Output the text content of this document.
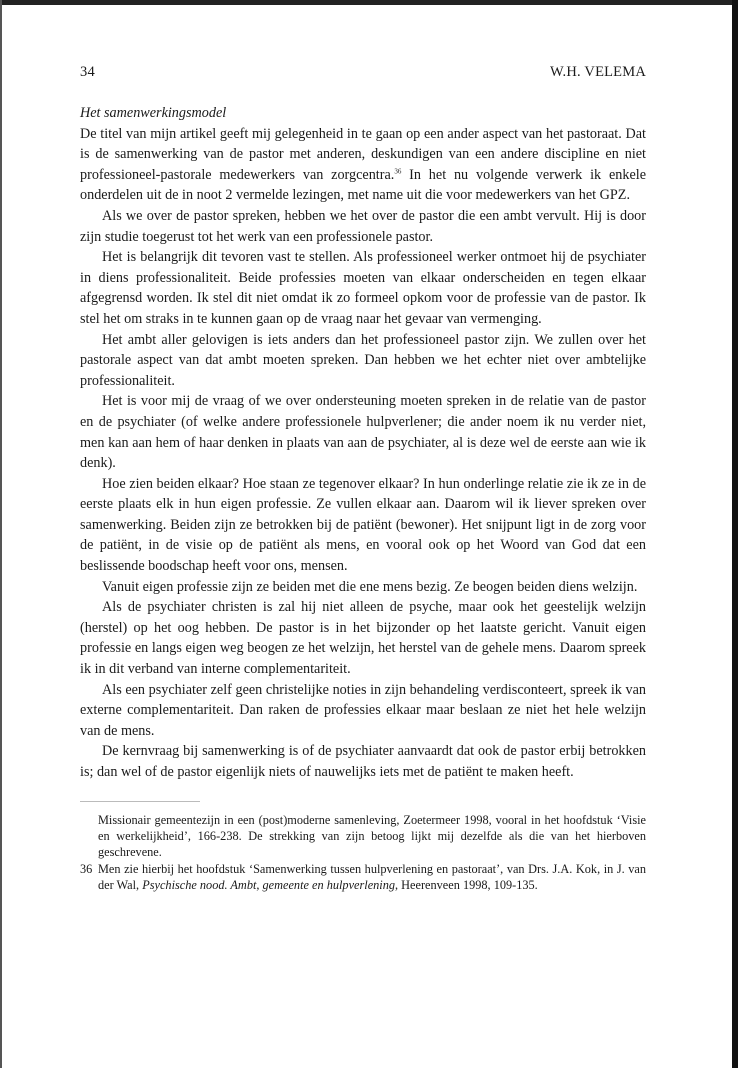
34	W.H. VELEMA

Het samenwerkingsmodel

De titel van mijn artikel geeft mij gelegenheid in te gaan op een ander aspect van het pastoraat. Dat is de samenwerking van de pastor met anderen, deskundigen van een andere discipline en niet professioneel-pastorale medewerkers van zorgcentra.$^{36}$ In het nu volgende verwerk ik enkele onderdelen uit de in noot 2 vermelde lezingen, met name uit die voor medewerkers van het GPZ.

Als we over de pastor spreken, hebben we het over de pastor die een ambt vervult. Hij is door zijn studie toegerust tot het werk van een professionele pastor.

Het is belangrijk dit tevoren vast te stellen. Als professioneel werker ontmoet hij de psychiater in diens professionaliteit. Beide professies moeten van elkaar onderscheiden en tegen elkaar afgegrensd worden. Ik stel dit niet omdat ik zo formeel opkom voor de professie van de pastor. Ik stel het om straks in te kunnen gaan op de vraag naar het gevaar van vermenging.

Het ambt aller gelovigen is iets anders dan het professioneel pastor zijn. We zullen over het pastorale aspect van dat ambt moeten spreken. Dan hebben we het echter niet over ambtelijke professionaliteit.

Het is voor mij de vraag of we over ondersteuning moeten spreken in de relatie van de pastor en de psychiater (of welke andere professionele hulpverlener; die ander noem ik nu verder niet, men kan aan hem of haar denken in plaats van aan de psychiater, al is deze wel de eerste aan wie ik denk).

Hoe zien beiden elkaar? Hoe staan ze tegenover elkaar? In hun onderlinge relatie zie ik ze in de eerste plaats elk in hun eigen professie. Ze vullen elkaar aan. Daarom wil ik liever spreken over samenwerking. Beiden zijn ze betrokken bij de patiënt (bewoner). Het snijpunt ligt in de zorg voor de patiënt, in de visie op de patiënt als mens, en vooral ook op het Woord van God dat een beslissende boodschap heeft voor ons, mensen.

Vanuit eigen professie zijn ze beiden met die ene mens bezig. Ze beogen beiden diens welzijn.

Als de psychiater christen is zal hij niet alleen de psyche, maar ook het geestelijk welzijn (herstel) op het oog hebben. De pastor is in het bijzonder op het laatste gericht. Vanuit eigen professie en langs eigen weg beogen ze het welzijn, het herstel van de gehele mens. Daarom spreek ik in dit verband van interne complementariteit.

Als een psychiater zelf geen christelijke noties in zijn behandeling verdisconteert, spreek ik van externe complementariteit. Dan raken de professies elkaar maar beslaan ze niet het hele welzijn van de mens.

De kernvraag bij samenwerking is of de psychiater aanvaardt dat ook de pastor erbij betrokken is; dan wel of de pastor eigenlijk niets of nauwelijks iets met de patiënt te maken heeft.

Missionair gemeentezijn in een (post)moderne samenleving, Zoetermeer 1998, vooral in het hoofdstuk ‘Visie en werkelijkheid’, 166-238. De strekking van zijn betoog lijkt mij dezelfde als die van het hierboven geschrevene.

36 Men zie hierbij het hoofdstuk ‘Samenwerking tussen hulpverlening en pastoraat’, van Drs. J.A. Kok, in J. van der Wal, Psychische nood. Ambt, gemeente en hulpverlening, Heerenveen 1998, 109-135.
